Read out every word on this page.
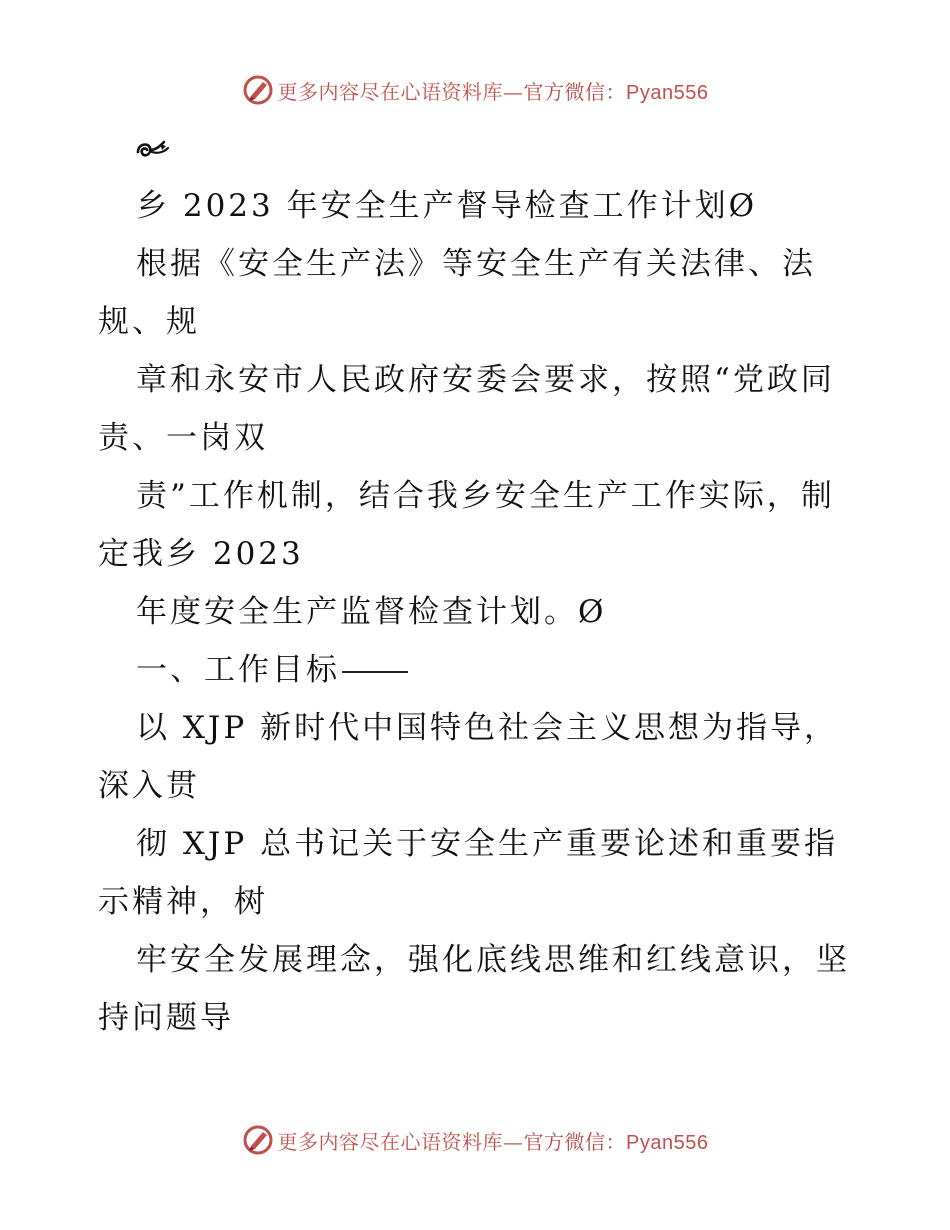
更多内容尽在心语资料库—官方微信：Pyan556
乡 2023 年安全生产督导检查工作计划Ø
根据《安全生产法》等安全生产有关法律、法
规、规
章和永安市人民政府安委会要求，按照“党政同
责、一岗双
责”工作机制，结合我乡安全生产工作实际，制
定我乡 2023
年度安全生产监督检查计划。Ø
一、工作目标
以 XJP 新时代中国特色社会主义思想为指导，
深入贯
彻 XJP 总书记关于安全生产重要论述和重要指
示精神，树
牢安全发展理念，强化底线思维和红线意识，坚
持问题导
更多内容尽在心语资料库—官方微信：Pyan556
